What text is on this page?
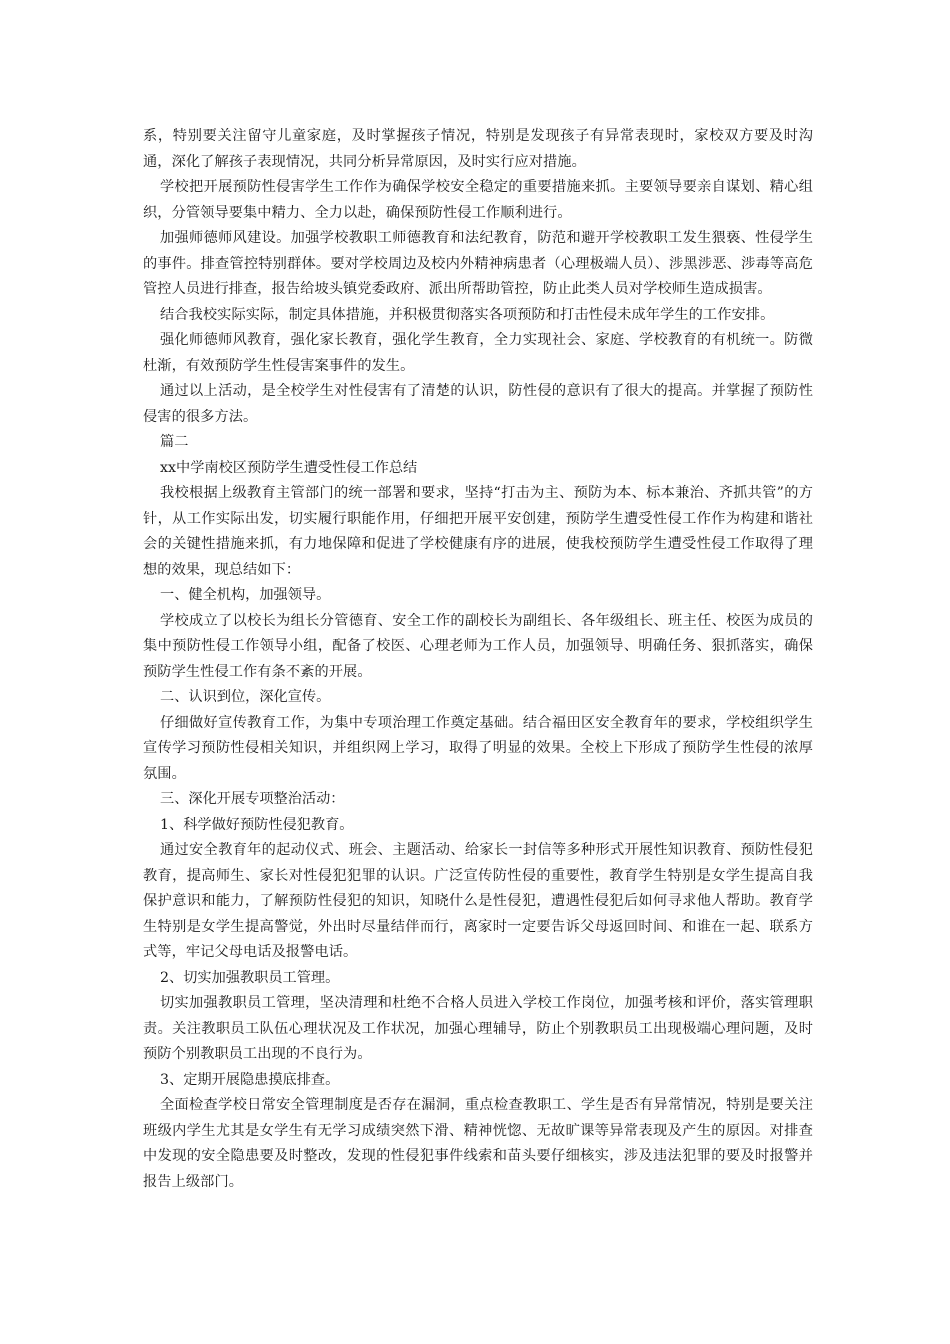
系，特别要关注留守儿童家庭，及时掌握孩子情况，特别是发现孩子有异常表现时，家校双方要及时沟通，深化了解孩子表现情况，共同分析异常原因，及时实行应对措施。

学校把开展预防性侵害学生工作作为确保学校安全稳定的重要措施来抓。主要领导要亲自谋划、精心组织，分管领导要集中精力、全力以赴，确保预防性侵工作顺利进行。

加强师德师风建设。加强学校教职工师德教育和法纪教育，防范和避开学校教职工发生猥亵、性侵学生的事件。排查管控特别群体。要对学校周边及校内外精神病患者（心理极端人员）、涉黑涉恶、涉毒等高危管控人员进行排查，报告给坡头镇党委政府、派出所帮助管控，防止此类人员对学校师生造成损害。

结合我校实际实际，制定具体措施，并积极贯彻落实各项预防和打击性侵未成年学生的工作安排。

强化师德师风教育，强化家长教育，强化学生教育，全力实现社会、家庭、学校教育的有机统一。防微杜渐，有效预防学生性侵害案事件的发生。

通过以上活动，是全校学生对性侵害有了清楚的认识，防性侵的意识有了很大的提高。并掌握了预防性侵害的很多方法。

篇二

xx中学南校区预防学生遭受性侵工作总结

我校根据上级教育主管部门的统一部署和要求，坚持“打击为主、预防为本、标本兼治、齐抓共管”的方针，从工作实际出发，切实履行职能作用，仔细把开展平安创建，预防学生遭受性侵工作作为构建和谐社会的关键性措施来抓，有力地保障和促进了学校健康有序的进展，使我校预防学生遭受性侵工作取得了理想的效果，现总结如下：

一、健全机构，加强领导。

学校成立了以校长为组长分管德育、安全工作的副校长为副组长、各年级组长、班主任、校医为成员的集中预防性侵工作领导小组，配备了校医、心理老师为工作人员，加强领导、明确任务、狠抓落实，确保预防学生性侵工作有条不紊的开展。

二、认识到位，深化宣传。

仔细做好宣传教育工作，为集中专项治理工作奠定基础。结合福田区安全教育年的要求，学校组织学生宣传学习预防性侵相关知识，并组织网上学习，取得了明显的效果。全校上下形成了预防学生性侵的浓厚氛围。

三、深化开展专项整治活动：

1、科学做好预防性侵犯教育。

通过安全教育年的起动仪式、班会、主题活动、给家长一封信等多种形式开展性知识教育、预防性侵犯教育，提高师生、家长对性侵犯犯罪的认识。广泛宣传防性侵的重要性，教育学生特别是女学生提高自我保护意识和能力，了解预防性侵犯的知识，知晓什么是性侵犯，遭遇性侵犯后如何寻求他人帮助。教育学生特别是女学生提高警觉，外出时尽量结伴而行，离家时一定要告诉父母返回时间、和谁在一起、联系方式等，牢记父母电话及报警电话。

2、切实加强教职员工管理。

切实加强教职员工管理，坚决清理和杜绝不合格人员进入学校工作岗位，加强考核和评价，落实管理职责。关注教职员工队伍心理状况及工作状况，加强心理辅导，防止个别教职员工出现极端心理问题，及时预防个别教职员工出现的不良行为。

3、定期开展隐患摸底排查。

全面检查学校日常安全管理制度是否存在漏洞，重点检查教职工、学生是否有异常情况，特别是要关注班级内学生尤其是女学生有无学习成绩突然下滑、精神恍惚、无故旷课等异常表现及产生的原因。对排查中发现的安全隐患要及时整改，发现的性侵犯事件线索和苗头要仔细核实，涉及违法犯罪的要及时报警并报告上级部门。
